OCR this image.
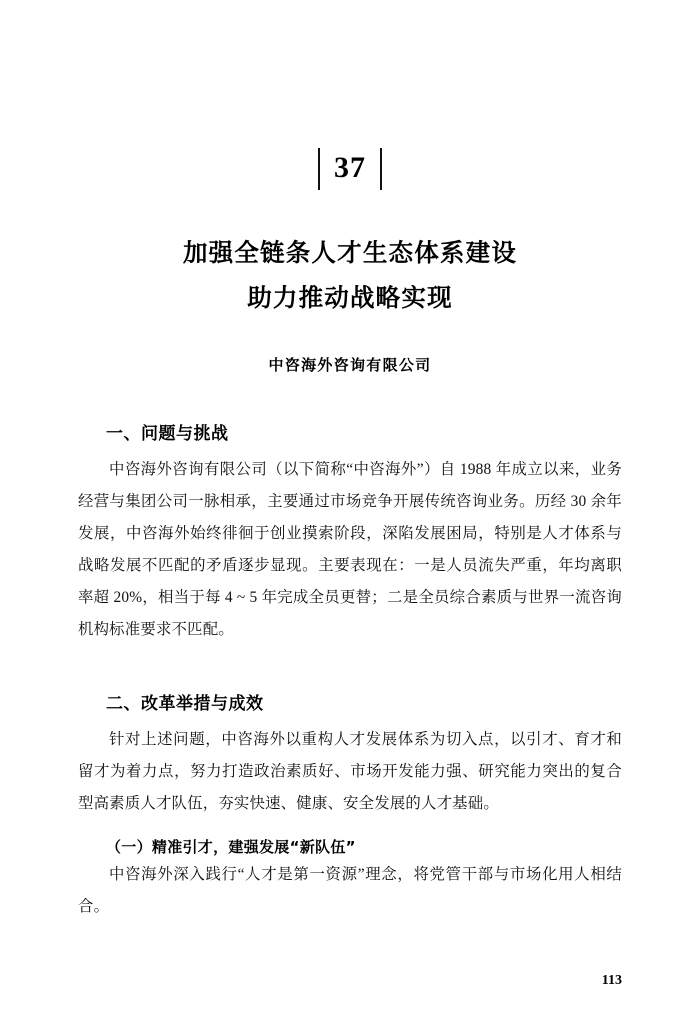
37
加强全链条人才生态体系建设
助力推动战略实现
中咨海外咨询有限公司
一、问题与挑战

中咨海外咨询有限公司（以下简称“中咨海外”）自 1988 年成立以来，业务经营与集团公司一脉相承，主要通过市场竞争开展传统咨询业务。历经 30 余年发展，中咨海外始终徘徊于创业摸索阶段，深陷发展困局，特别是人才体系与战略发展不匹配的矛盾逐步显现。主要表现在：一是人员流失严重，年均离职率超 20%，相当于每 4 ~ 5 年完成全员更替；二是全员综合素质与世界一流咨询机构标准要求不匹配。

二、改革举措与成效

针对上述问题，中咨海外以重构人才发展体系为切入点，以引才、育才和留才为着力点，努力打造政治素质好、市场开发能力强、研究能力突出的复合型高素质人才队伍，夯实快速、健康、安全发展的人才基础。

（一）精准引才，建强发展“新队伍”

中咨海外深入践行“人才是第一资源”理念，将党管干部与市场化用人相结合。

113
